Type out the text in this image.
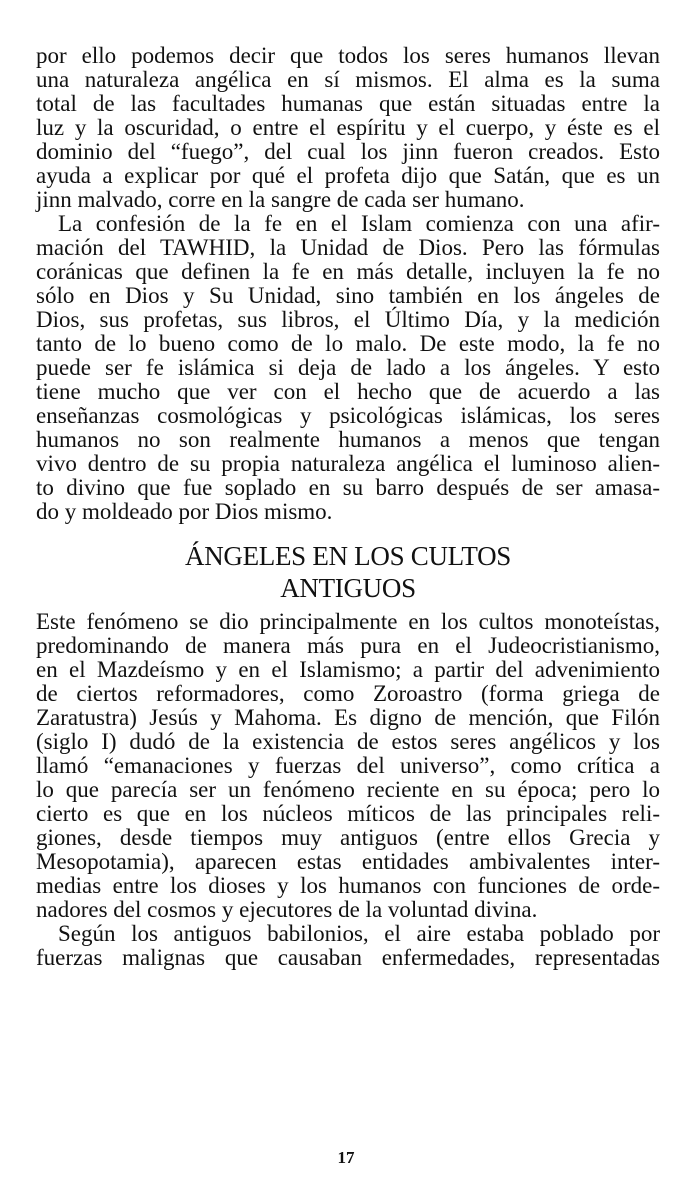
por ello podemos decir que todos los seres humanos llevan
una naturaleza angélica en sí mismos. El alma es la suma
total de las facultades humanas que están situadas entre la
luz y la oscuridad, o entre el espíritu y el cuerpo, y éste es el
dominio del “fuego”, del cual los jinn fueron creados. Esto
ayuda a explicar por qué el profeta dijo que Satán, que es un
jinn malvado, corre en la sangre de cada ser humano.
La confesión de la fe en el Islam comienza con una afir-
mación del TAWHID, la Unidad de Dios. Pero las fórmulas
coránicas que definen la fe en más detalle, incluyen la fe no
sólo en Dios y Su Unidad, sino también en los ángeles de
Dios, sus profetas, sus libros, el Último Día, y la medición
tanto de lo bueno como de lo malo. De este modo, la fe no
puede ser fe islámica si deja de lado a los ángeles. Y esto
tiene mucho que ver con el hecho que de acuerdo a las
enseñanzas cosmológicas y psicológicas islámicas, los seres
humanos no son realmente humanos a menos que tengan
vivo dentro de su propia naturaleza angélica el luminoso alien-
to divino que fue soplado en su barro después de ser amasa-
do y moldeado por Dios mismo.
ÁNGELES EN LOS CULTOS
ANTIGUOS
Este fenómeno se dio principalmente en los cultos monoteístas,
predominando de manera más pura en el Judeocristianismo,
en el Mazdeísmo y en el Islamismo; a partir del advenimiento
de ciertos reformadores, como Zoroastro (forma griega de
Zaratustra) Jesús y Mahoma. Es digno de mención, que Filón
(siglo I) dudó de la existencia de estos seres angélicos y los
llamó “emanaciones y fuerzas del universo”, como crítica a
lo que parecía ser un fenómeno reciente en su época; pero lo
cierto es que en los núcleos míticos de las principales reli-
giones, desde tiempos muy antiguos (entre ellos Grecia y
Mesopotamia), aparecen estas entidades ambivalentes inter-
medias entre los dioses y los humanos con funciones de orde-
nadores del cosmos y ejecutores de la voluntad divina.
Según los antiguos babilonios, el aire estaba poblado por
fuerzas malignas que causaban enfermedades, representadas
17
